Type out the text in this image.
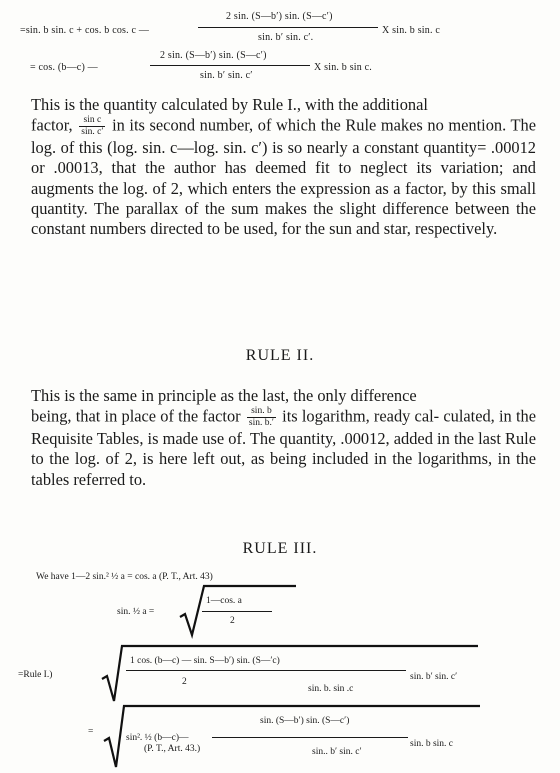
=sin. b sin. c + cos. b cos. c —
2 sin. (S—b′) sin. (S—c′)
sin. b′ sin. c′.
X sin. b sin. c
= cos. (b—c) —
2 sin. (S—b′) sin. (S—c′)
sin. b′ sin. c′
X sin. b sin c.
This is the quantity calculated by Rule I., with the additional
factor, $\frac{\text{sin c}}{\sin. c'}$ in its second number, of which the Rule makes no mention. The log. of this (log. sin. c—log. sin. c′) is so nearly a constant quantity= .00012 or .00013, that the author has deemed fit to neglect its variation; and augments the log. of 2, which enters the expression as a factor, by this small quantity. The parallax of the sum makes the slight difference between the constant numbers directed to be used, for the sun and star, respectively.
RULE II.
This is the same in principle as the last, the only difference
being, that in place of the factor $\frac{\sin. b}{\sin. b.'}$ its logarithm, ready cal- culated, in the Requisite Tables, is made use of. The quantity, .00012, added in the last Rule to the log. of 2, is here left out, as being included in the logarithms, in the tables referred to.
RULE III.
We have 1—2 sin.² ½ a = cos. a (P. T., Art. 43)
sin. ½ a =
1—cos. a
2
=Rule I.)
1 cos. (b—c) — sin. S—b′) sin. (S—′c)
2
sin. b. sin .c
sin. b′ sin. c′
=
sin. (S—b′) sin. (S—c′)
sin². ½ (b—c)—
(P. T., Art. 43.)	sin.. b′ sin. c′
sin. b sin. c
